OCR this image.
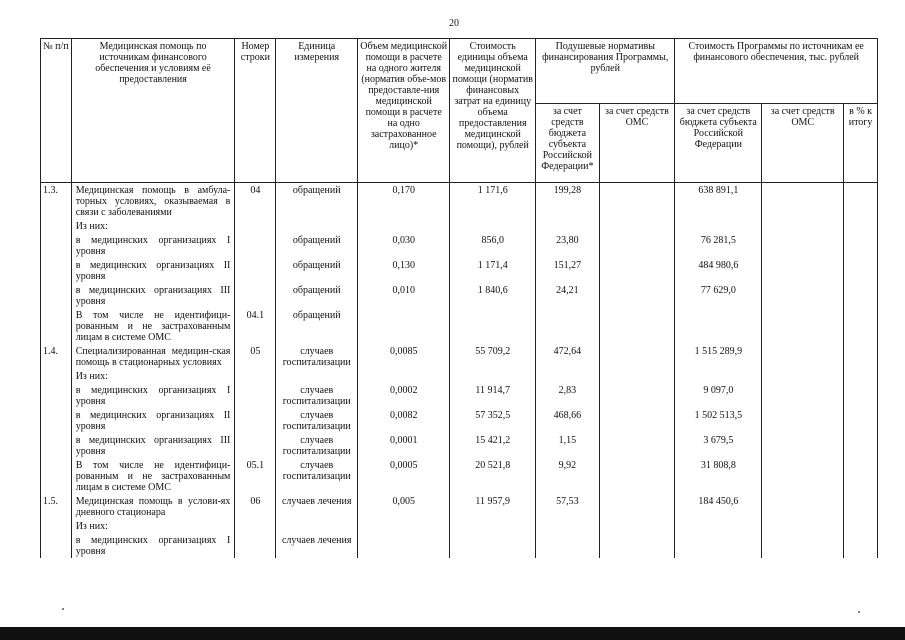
20
№ п/п	Медицинская помощь по источникам финансового обеспечения и условиям её предоставления	Номер строки	Единица измерения	Объем медицинской помощи в расчете на одного жителя (норматив объе-мов предоставле-ния медицинской помощи в расчете на одно застрахованное лицо)*	Стоимость единицы объема медицинской помощи (норматив финансовых затрат на единицу объема предоставления медицинской помощи), рублей	Подушевые нормативы финансирования Программы, рублей		Стоимость Программы по источникам ее финансового обеспечения, тыс. рублей		
						за счет средств бюджета субъекта Российской Федерации*	за счет средств ОМС	за счет средств бюджета субъекта Российской Федерации	за счет средств ОМС	в % к итогу
1.3.	Медицинская помощь в амбула-торных условиях, оказываемая в связи с заболеваниями	04	обращений	0,170	1 171,6	199,28		638 891,1		
	Из них:									
	в медицинских организациях I уровня		обращений	0,030	856,0	23,80		76 281,5		
	в медицинских организациях II уровня		обращений	0,130	1 171,4	151,27		484 980,6		
	в медицинских организациях III уровня		обращений	0,010	1 840,6	24,21		77 629,0		
	В том числе не идентифици-рованным и не застрахованным лицам в системе ОМС	04.1	обращений							
1.4.	Специализированная медицин-ская помощь в стационарных условиях	05	случаев госпитализации	0,0085	55 709,2	472,64		1 515 289,9		
	Из них:									
	в медицинских организациях I уровня		случаев госпитализации	0,0002	11 914,7	2,83		9 097,0		
	в медицинских организациях II уровня		случаев госпитализации	0,0082	57 352,5	468,66		1 502 513,5		
	в медицинских организациях III уровня		случаев госпитализации	0,0001	15 421,2	1,15		3 679,5		
	В том числе не идентифици-рованным и не застрахованным лицам в системе ОМС	05.1	случаев госпитализации	0,0005	20 521,8	9,92		31 808,8		
1.5.	Медицинская помощь в услови-ях дневного стационара	06	случаев лечения	0,005	11 957,9	57,53		184 450,6		
	Из них:									
	в медицинских организациях I уровня		случаев лечения							
